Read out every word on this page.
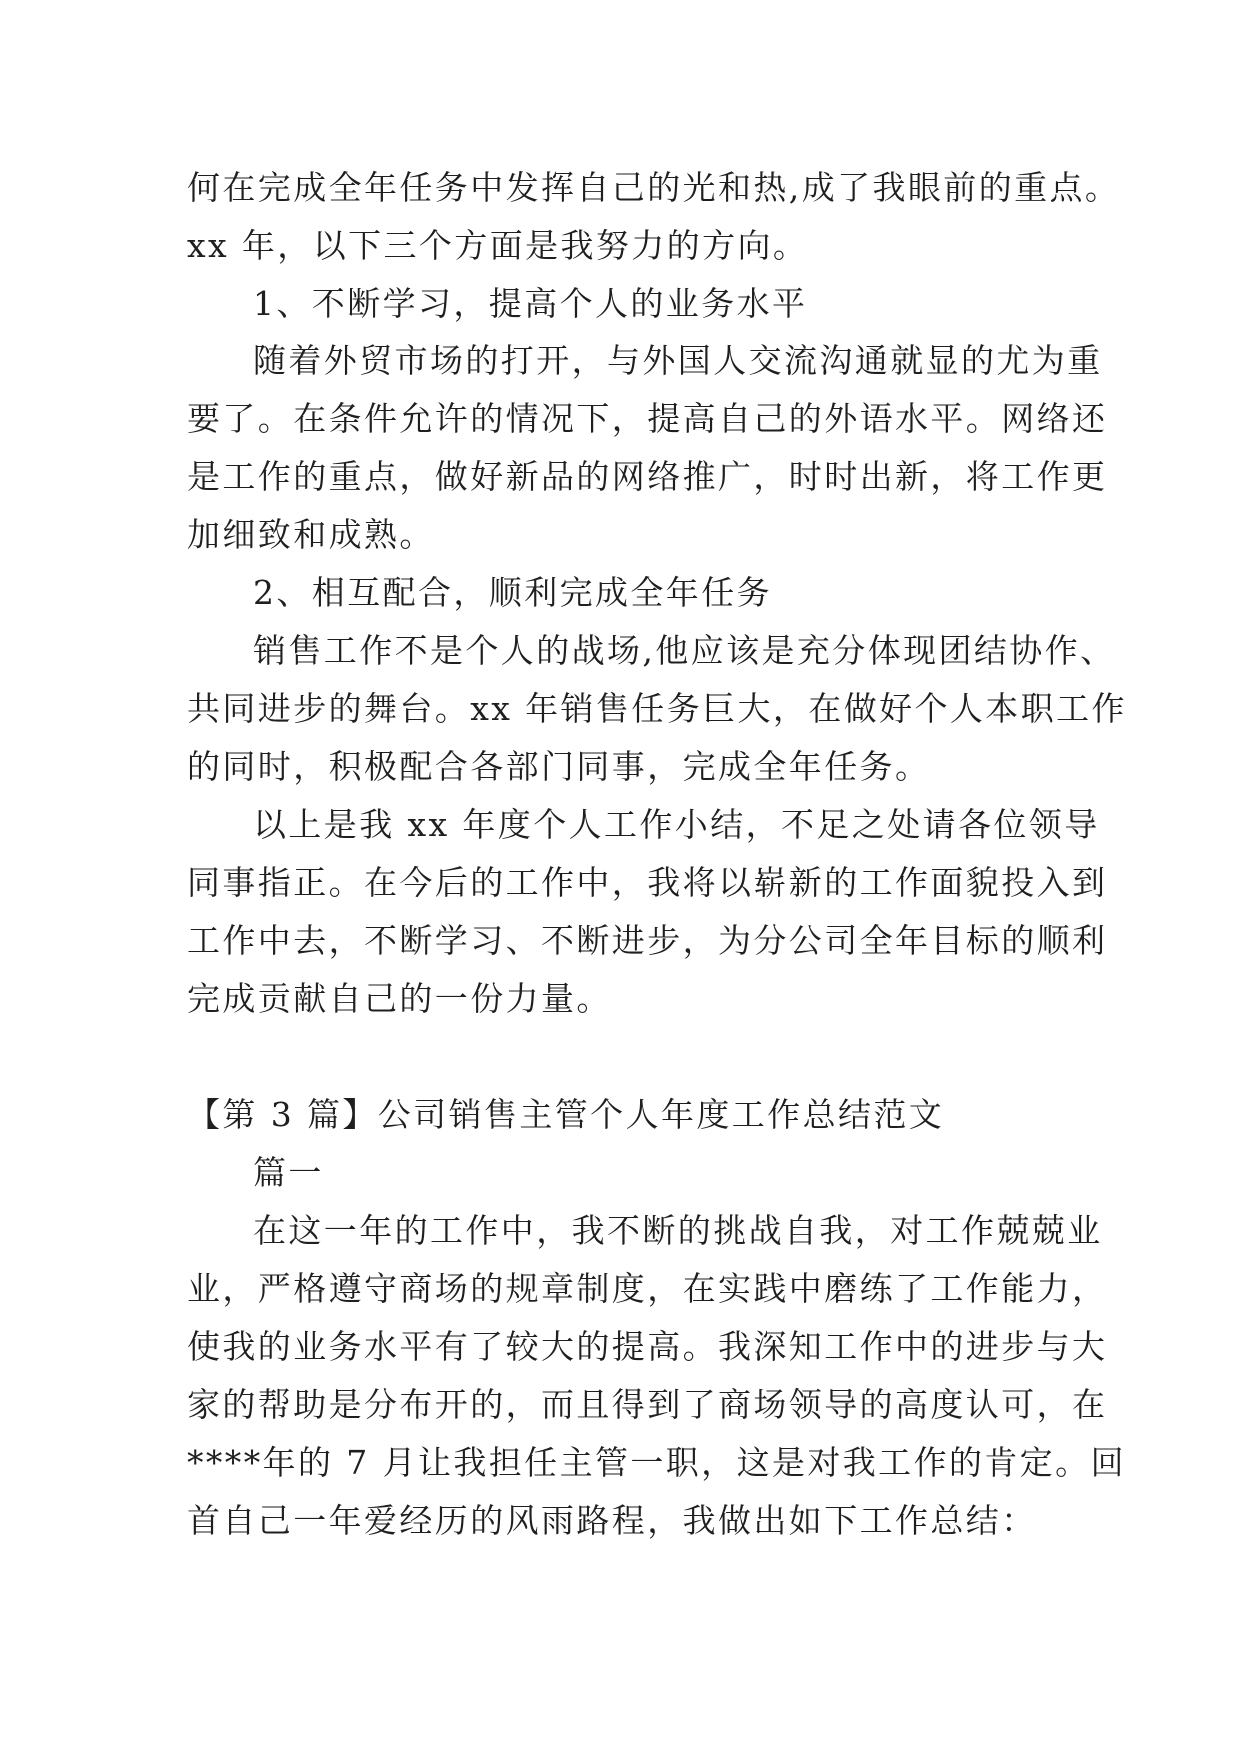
何在完成全年任务中发挥自己的光和热,成了我眼前的重点。
xx 年，以下三个方面是我努力的方向。
1、不断学习，提高个人的业务水平
随着外贸市场的打开，与外国人交流沟通就显的尤为重
要了。在条件允许的情况下，提高自己的外语水平。网络还
是工作的重点，做好新品的网络推广，时时出新，将工作更
加细致和成熟。
2、相互配合，顺利完成全年任务
销售工作不是个人的战场,他应该是充分体现团结协作、
共同进步的舞台。xx 年销售任务巨大，在做好个人本职工作
的同时，积极配合各部门同事，完成全年任务。
以上是我 xx 年度个人工作小结，不足之处请各位领导
同事指正。在今后的工作中，我将以崭新的工作面貌投入到
工作中去，不断学习、不断进步，为分公司全年目标的顺利
完成贡献自己的一份力量。
【第 3 篇】公司销售主管个人年度工作总结范文
篇一
在这一年的工作中，我不断的挑战自我，对工作兢兢业
业，严格遵守商场的规章制度，在实践中磨练了工作能力，
使我的业务水平有了较大的提高。我深知工作中的进步与大
家的帮助是分布开的，而且得到了商场领导的高度认可，在
****年的 7 月让我担任主管一职，这是对我工作的肯定。回
首自己一年爱经历的风雨路程，我做出如下工作总结：
